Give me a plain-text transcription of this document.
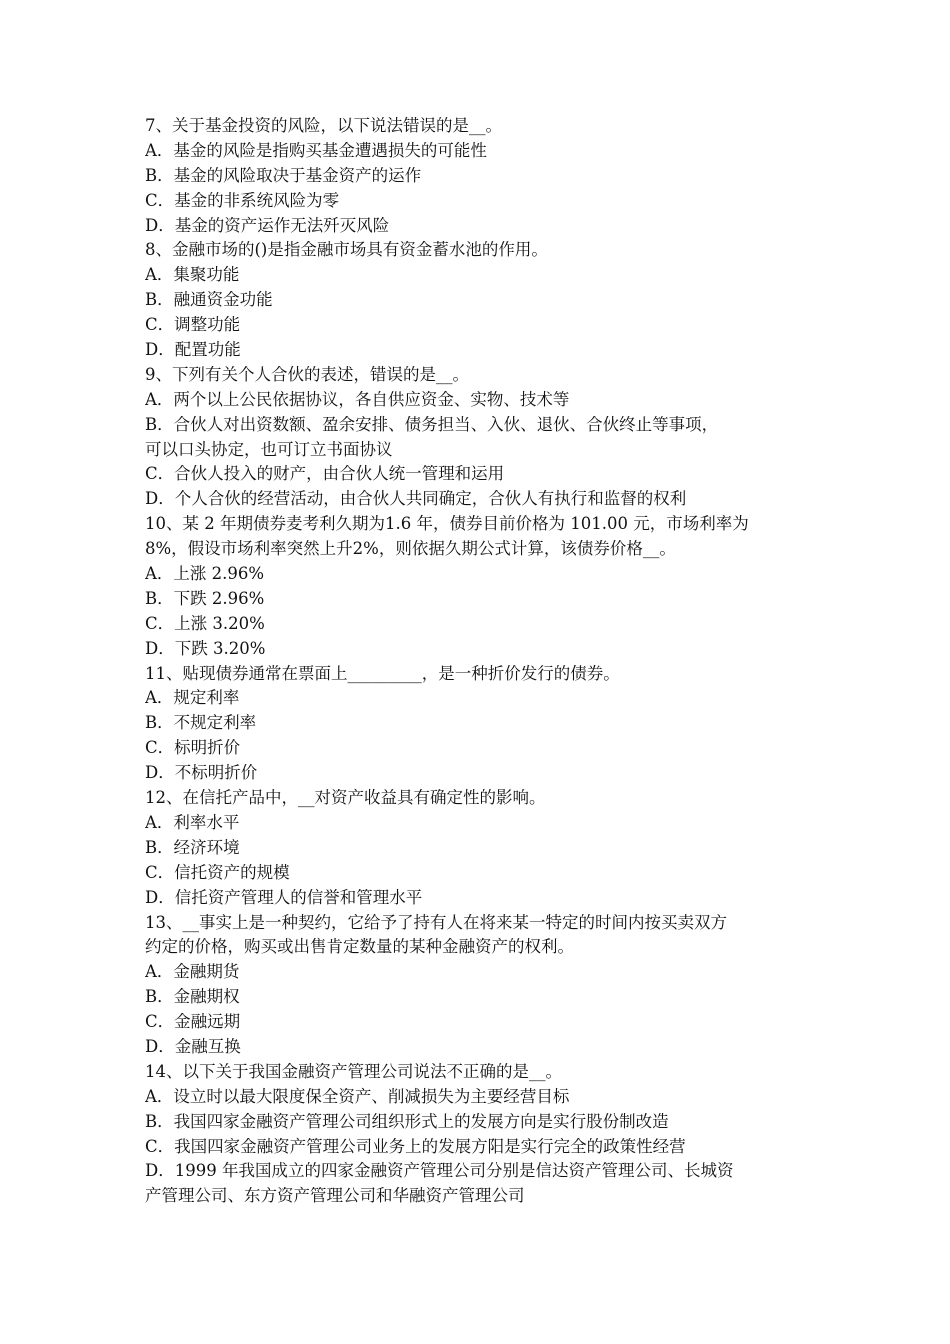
7、关于基金投资的风险，以下说法错误的是__。
A．基金的风险是指购买基金遭遇损失的可能性
B．基金的风险取决于基金资产的运作
C．基金的非系统风险为零
D．基金的资产运作无法歼灭风险
8、金融市场的()是指金融市场具有资金蓄水池的作用。
A．集聚功能
B．融通资金功能
C．调整功能
D．配置功能
9、下列有关个人合伙的表述，错误的是__。
A．两个以上公民依据协议，各自供应资金、实物、技术等
B．合伙人对出资数额、盈余安排、债务担当、入伙、退伙、合伙终止等事项，
可以口头协定，也可订立书面协议
C．合伙人投入的财产，由合伙人统一管理和运用
D．个人合伙的经营活动，由合伙人共同确定，合伙人有执行和监督的权利
10、某 2 年期债券麦考利久期为1.6 年，债券目前价格为 101.00 元，市场利率为
8%，假设市场利率突然上升2%，则依据久期公式计算，该债券价格__。
A．上涨 2.96%
B．下跌 2.96%
C．上涨 3.20%
D．下跌 3.20%
11、贴现债券通常在票面上_________，是一种折价发行的债券。
A．规定利率
B．不规定利率
C．标明折价
D．不标明折价
12、在信托产品中，__对资产收益具有确定性的影响。
A．利率水平
B．经济环境
C．信托资产的规模
D．信托资产管理人的信誉和管理水平
13、__事实上是一种契约，它给予了持有人在将来某一特定的时间内按买卖双方
约定的价格，购买或出售肯定数量的某种金融资产的权利。
A．金融期货
B．金融期权
C．金融远期
D．金融互换
14、以下关于我国金融资产管理公司说法不正确的是__。
A．设立时以最大限度保全资产、削减损失为主要经营目标
B．我国四家金融资产管理公司组织形式上的发展方向是实行股份制改造
C．我国四家金融资产管理公司业务上的发展方阳是实行完全的政策性经营
D．1999 年我国成立的四家金融资产管理公司分别是信达资产管理公司、长城资
产管理公司、东方资产管理公司和华融资产管理公司
